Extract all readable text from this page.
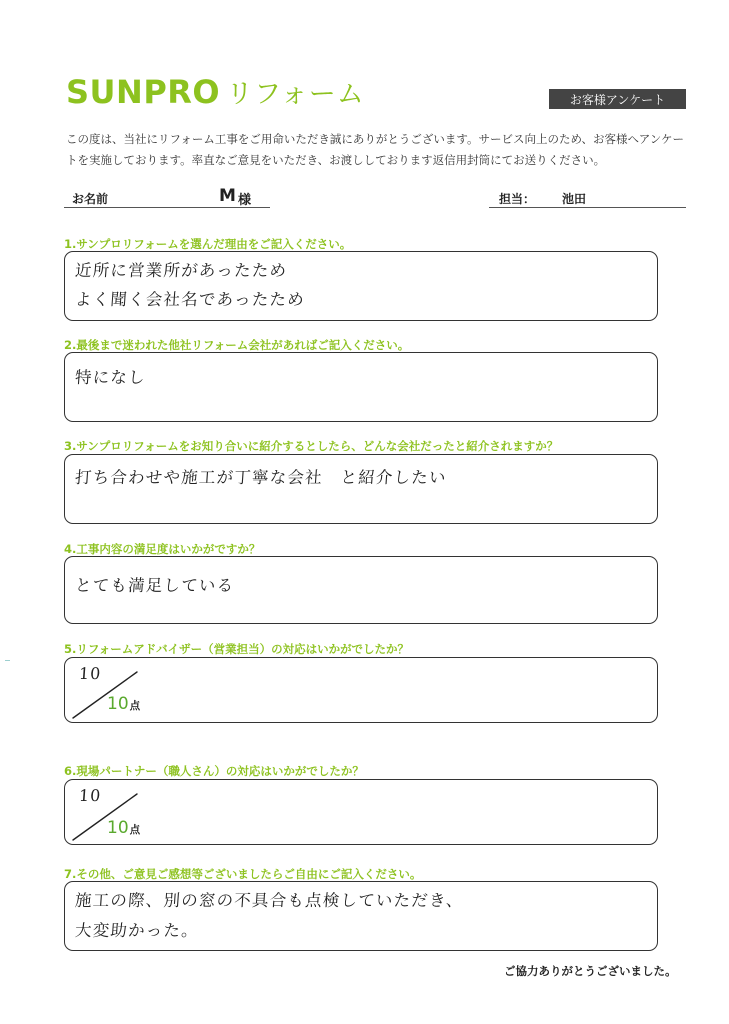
SUNPRO リフォーム	お客様アンケート
この度は、当社にリフォーム工事をご用命いただき誠にありがとうございます。サービス向上のため、お客様へアンケー
トを実施しております。率直なご意見をいただき、お渡ししております返信用封筒にてお送りください。
お名前	M 様	担当： 池田
1.サンプロリフォームを選んだ理由をご記入ください。
近所に営業所があったため
よく聞く会社名であったため
2.最後まで迷われた他社リフォーム会社があればご記入ください。
特になし
3.サンプロリフォームをお知り合いに紹介するとしたら、どんな会社だったと紹介されますか？
打ち合わせや施工が丁寧な会社　と紹介したい
4.工事内容の満足度はいかがですか？
とても満足している
5.リフォームアドバイザー（営業担当）の対応はいかがでしたか？
10
10点
6.現場パートナー（職人さん）の対応はいかがでしたか？
10
10点
7.その他、ご意見ご感想等ございましたらご自由にご記入ください。
施工の際、別の窓の不具合も点検していただき、
大変助かった。
ご協力ありがとうございました。
